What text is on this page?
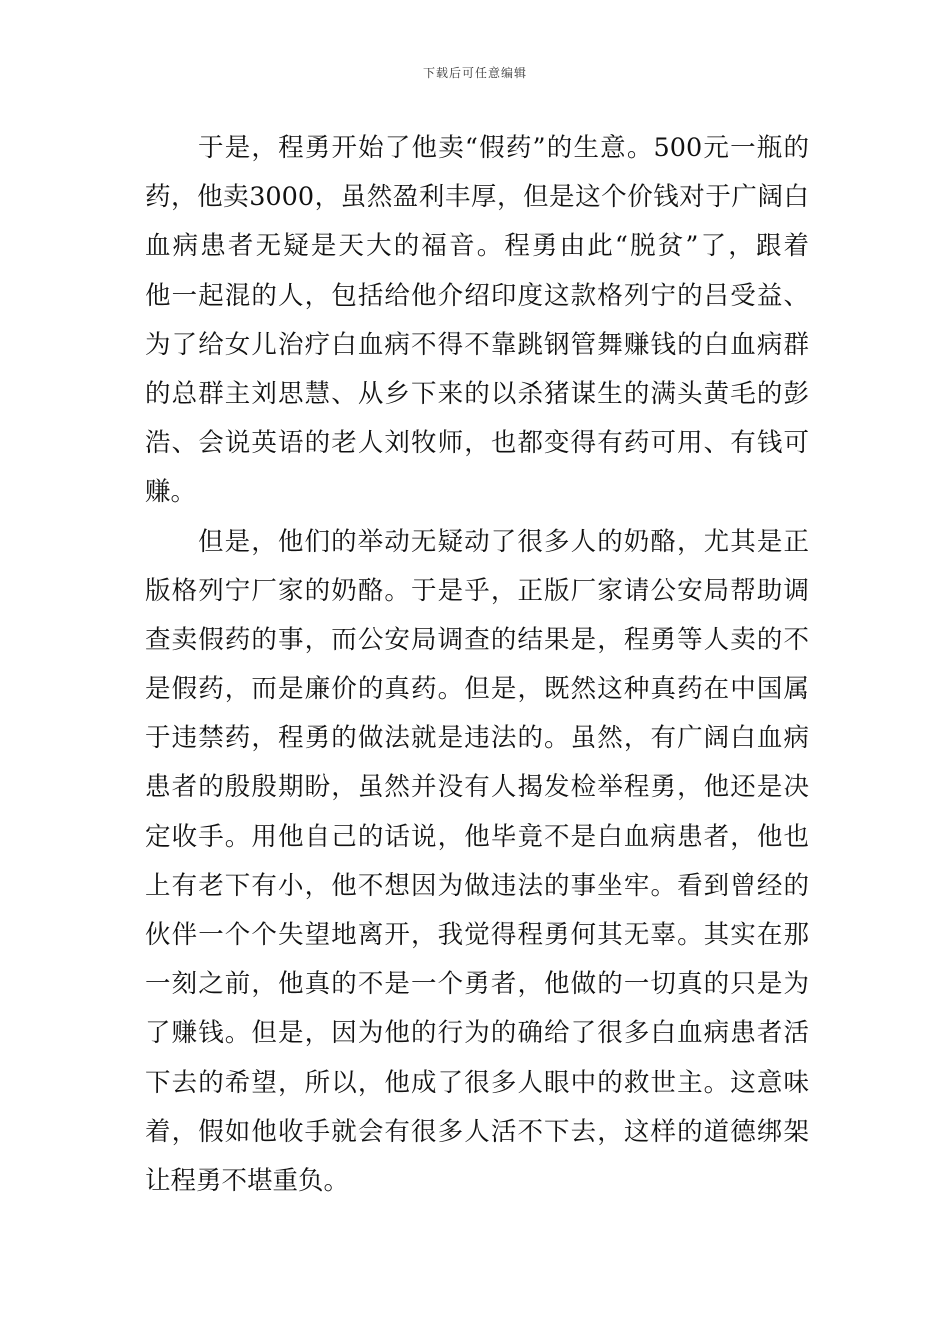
下载后可任意编辑
于是，程勇开始了他卖“假药”的生意。500元一瓶的
药，他卖3000，虽然盈利丰厚，但是这个价钱对于广阔白
血病患者无疑是天大的福音。程勇由此“脱贫”了，跟着
他一起混的人，包括给他介绍印度这款格列宁的吕受益、
为了给女儿治疗白血病不得不靠跳钢管舞赚钱的白血病群
的总群主刘思慧、从乡下来的以杀猪谋生的满头黄毛的彭
浩、会说英语的老人刘牧师，也都变得有药可用、有钱可
赚。
但是，他们的举动无疑动了很多人的奶酪，尤其是正
版格列宁厂家的奶酪。于是乎，正版厂家请公安局帮助调
查卖假药的事，而公安局调查的结果是，程勇等人卖的不
是假药，而是廉价的真药。但是，既然这种真药在中国属
于违禁药，程勇的做法就是违法的。虽然，有广阔白血病
患者的殷殷期盼，虽然并没有人揭发检举程勇，他还是决
定收手。用他自己的话说，他毕竟不是白血病患者，他也
上有老下有小，他不想因为做违法的事坐牢。看到曾经的
伙伴一个个失望地离开，我觉得程勇何其无辜。其实在那
一刻之前，他真的不是一个勇者，他做的一切真的只是为
了赚钱。但是，因为他的行为的确给了很多白血病患者活
下去的希望，所以，他成了很多人眼中的救世主。这意味
着，假如他收手就会有很多人活不下去，这样的道德绑架
让程勇不堪重负。
